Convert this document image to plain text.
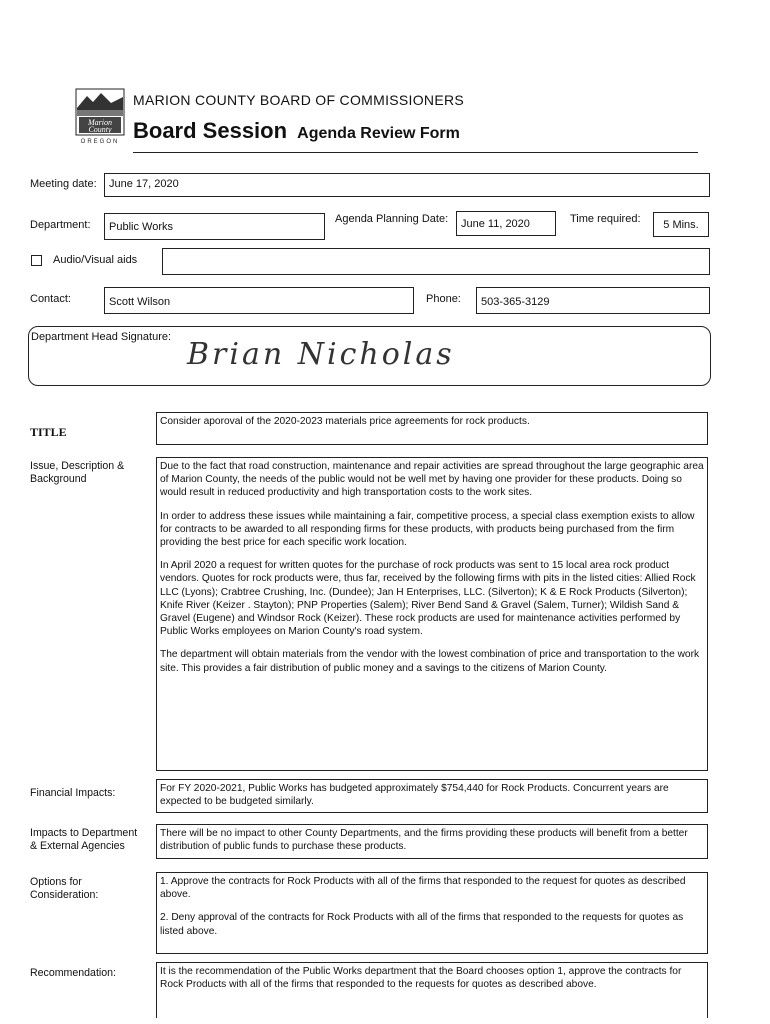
Marion
County
OREGON
MARION COUNTY BOARD OF COMMISSIONERS
Board Session Agenda Review Form
Meeting date:	June 17, 2020
Department:	Public Works
Agenda Planning Date:	June 11, 2020	Time required:	5 Mins.
Audio/Visual aids
Contact:	Scott Wilson	Phone:	503-365-3129
Department Head Signature: Brian Nicholas
TITLE
Consider aporoval of the 2020-2023 materials price agreements for rock products.
Issue, Description &
Background

Due to the fact that road construction, maintenance and repair activities are spread throughout the large geographic area of Marion County, the needs of the public would not be well met by having one provider for these products. Doing so would result in reduced productivity and high transportation costs to the work sites.

In order to address these issues while maintaining a fair, competitive process, a special class exemption exists to allow for contracts to be awarded to all responding firms for these products, with products being purchased from the firm providing the best price for each specific work location.

In April 2020 a request for written quotes for the purchase of rock products was sent to 15 local area rock product vendors. Quotes for rock products were, thus far, received by the following firms with pits in the listed cities: Allied Rock LLC (Lyons); Crabtree Crushing, Inc. (Dundee); Jan H Enterprises, LLC. (Silverton); K & E Rock Products (Silverton); Knife River (Keizer . Stayton); PNP Properties (Salem); River Bend Sand & Gravel (Salem, Turner); Wildish Sand & Gravel (Eugene) and Windsor Rock (Keizer). These rock products are used for maintenance activities performed by Public Works employees on Marion County's road system.

The department will obtain materials from the vendor with the lowest combination of price and transportation to the work site. This provides a fair distribution of public money and a savings to the citizens of Marion County.

Financial Impacts:	For FY 2020-2021, Public Works has budgeted approximately $754,440 for Rock Products. Concurrent years are expected to be budgeted similarly.
Impacts to Department
& External Agencies
There will be no impact to other County Departments, and the firms providing these products will benefit from a better distribution of public funds to purchase these products.
Options for
Consideration:

1. Approve the contracts for Rock Products with all of the firms that responded to the request for quotes as described above.

2. Deny approval of the contracts for Rock Products with all of the firms that responded to the requests for quotes as listed above.

Recommendation:	It is the recommendation of the Public Works department that the Board chooses option 1, approve the contracts for Rock Products with all of the firms that responded to the requests for quotes as described above.
